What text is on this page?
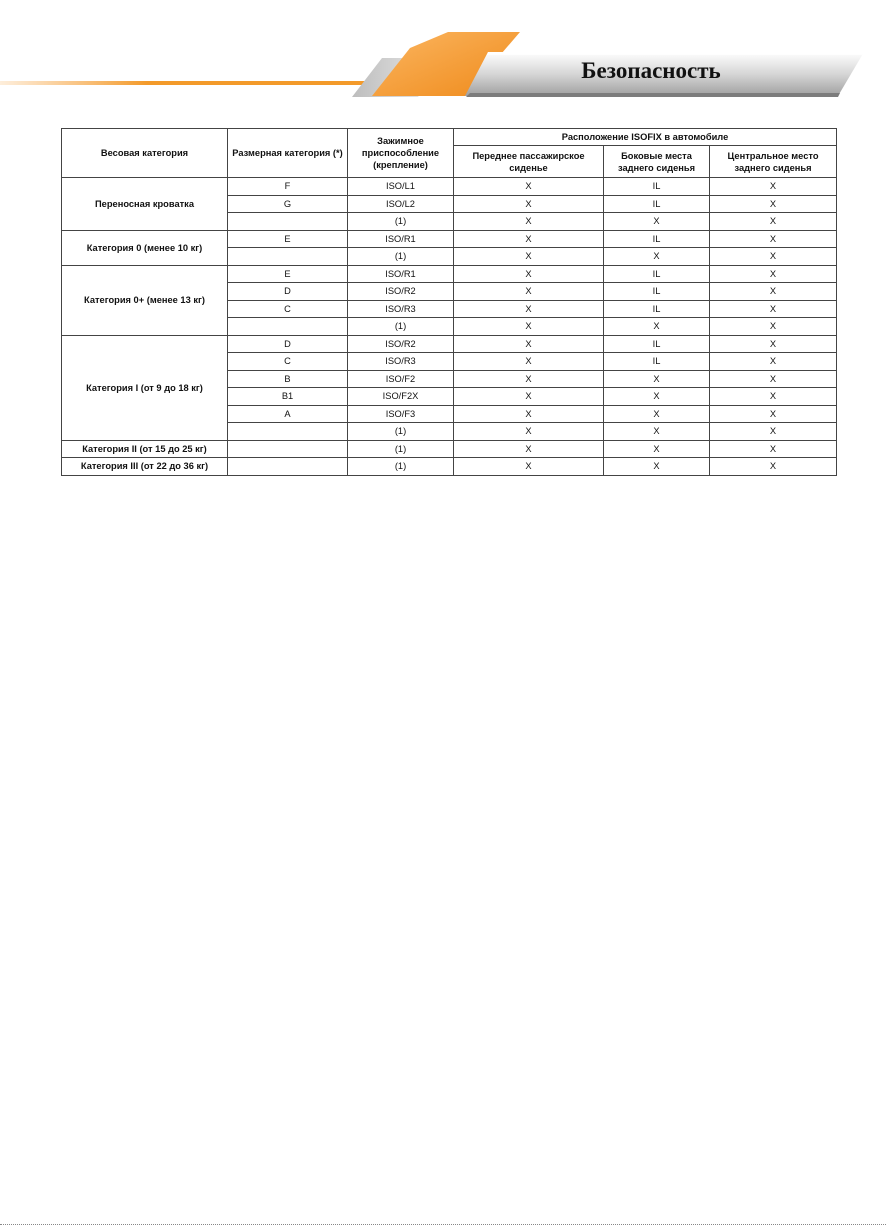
Безопасность
Весовая категория	Размерная категория (*)	Зажимное приспособление (крепление)	Расположение ISOFIX в автомобиле		
			Переднее пассажирское сиденье	Боковые места заднего сиденья	Центральное место заднего сиденья
Переносная кроватка	F	ISO/L1	X	IL	X
	G	ISO/L2	X	IL	X
		(1)	X	X	X
Категория 0 (менее 10 кг)	E	ISO/R1	X	IL	X
		(1)	X	X	X
Категория 0+ (менее 13 кг)	E	ISO/R1	X	IL	X
	D	ISO/R2	X	IL	X
	C	ISO/R3	X	IL	X
		(1)	X	X	X
Категория I (от 9 до 18 кг)	D	ISO/R2	X	IL	X
	C	ISO/R3	X	IL	X
	B	ISO/F2	X	X	X
	B1	ISO/F2X	X	X	X
	A	ISO/F3	X	X	X
		(1)	X	X	X
Категория II (от 15 до 25 кг)		(1)	X	X	X
Категория III (от 22 до 36 кг)		(1)	X	X	X
